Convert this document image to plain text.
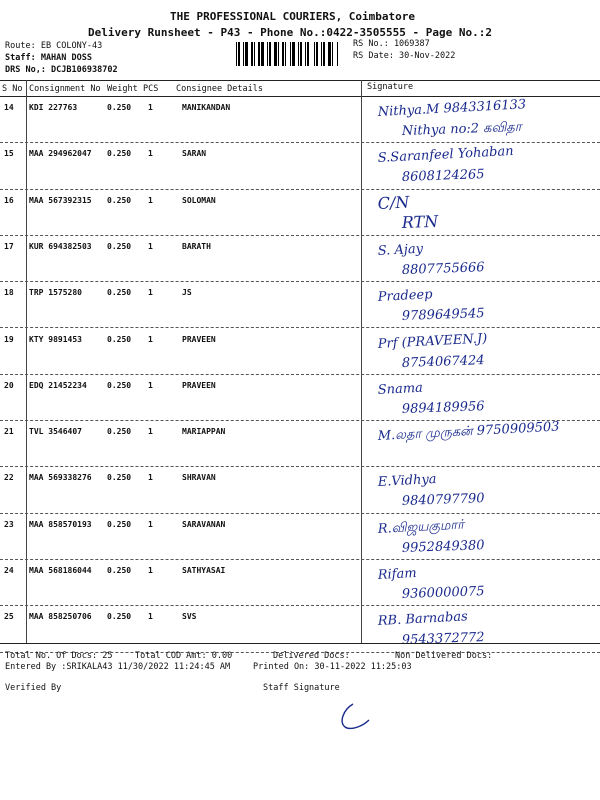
THE PROFESSIONAL COURIERS, Coimbatore
Delivery Runsheet - P43 - Phone No.:0422-3505555 - Page No.:2
Route: EB COLONY-43
Staff: MAHAN DOSS
DRS No,: DCJB106938702
RS No.: 1069387
RS Date: 30-Nov-2022
S No Consignment No Weight PCS Consignee Details	Signature
14 KDI 227763	0.250 1	MANIKANDAN	Nithya.M 9843316133
Nithya no:2 கவிதா
15 MAA 294962047 0.250 1	SARAN	S.Saranfeel Yohaban
8608124265
16 MAA 567392315 0.250 1	SOLOMAN	C/N
RTN
17 KUR 694382503 0.250 1	BARATH	S. Ajay
8807755666
18 TRP 1575280	0.250 1	JS	Pradeep
9789649545
19 KTY 9891453	0.250 1	PRAVEEN	Prf (PRAVEEN.J)
8754067424
20 EDQ 21452234	0.250 1	PRAVEEN	Snama
9894189956
21 TVL 3546407	0.250 1	MARIAPPAN	M.லதா முருகன் 9750909503
22 MAA 569338276 0.250 1	SHRAVAN	E.Vidhya
9840797790
23 MAA 858570193 0.250 1	SARAVANAN	R.விஜயகுமார்
9952849380
24 MAA 568186044 0.250 1	SATHYASAI	Rifam
9360000075
25 MAA 858250706 0.250 1	SVS	RB. Barnabas
9543372772
Total No. Of Docs: 25	Total COD Amt: 0.00	Delivered Docs:	Non Delivered Docs:
Entered By :SRIKALA43 11/30/2022 11:24:45 AM	Printed On: 30-11-2022 11:25:03
Verified By	Staff Signature
